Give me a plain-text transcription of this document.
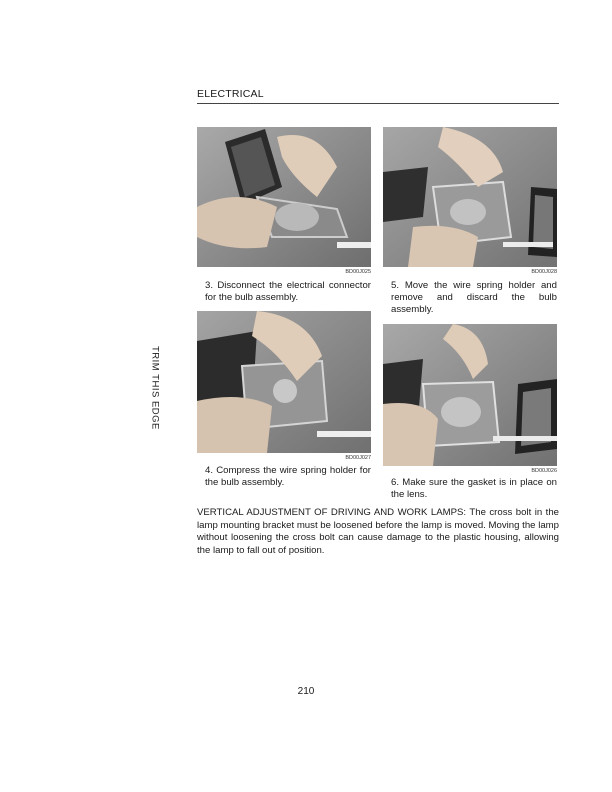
ELECTRICAL
TRIM THIS EDGE
BD00J025
3. Disconnect the electrical connector for the bulb assembly.
BD00J028
5. Move the wire spring holder and remove and discard the bulb assembly.
BD00J027
4. Compress the wire spring holder for the bulb assembly.
BD00J026
6. Make sure the gasket is in place on the lens.

VERTICAL ADJUSTMENT OF DRIVING AND WORK LAMPS: The cross bolt in the lamp mounting bracket must be loosened before the lamp is moved. Moving the lamp without loosening the cross bolt can cause damage to the plastic housing, allowing the lamp to fall out of position.

210
